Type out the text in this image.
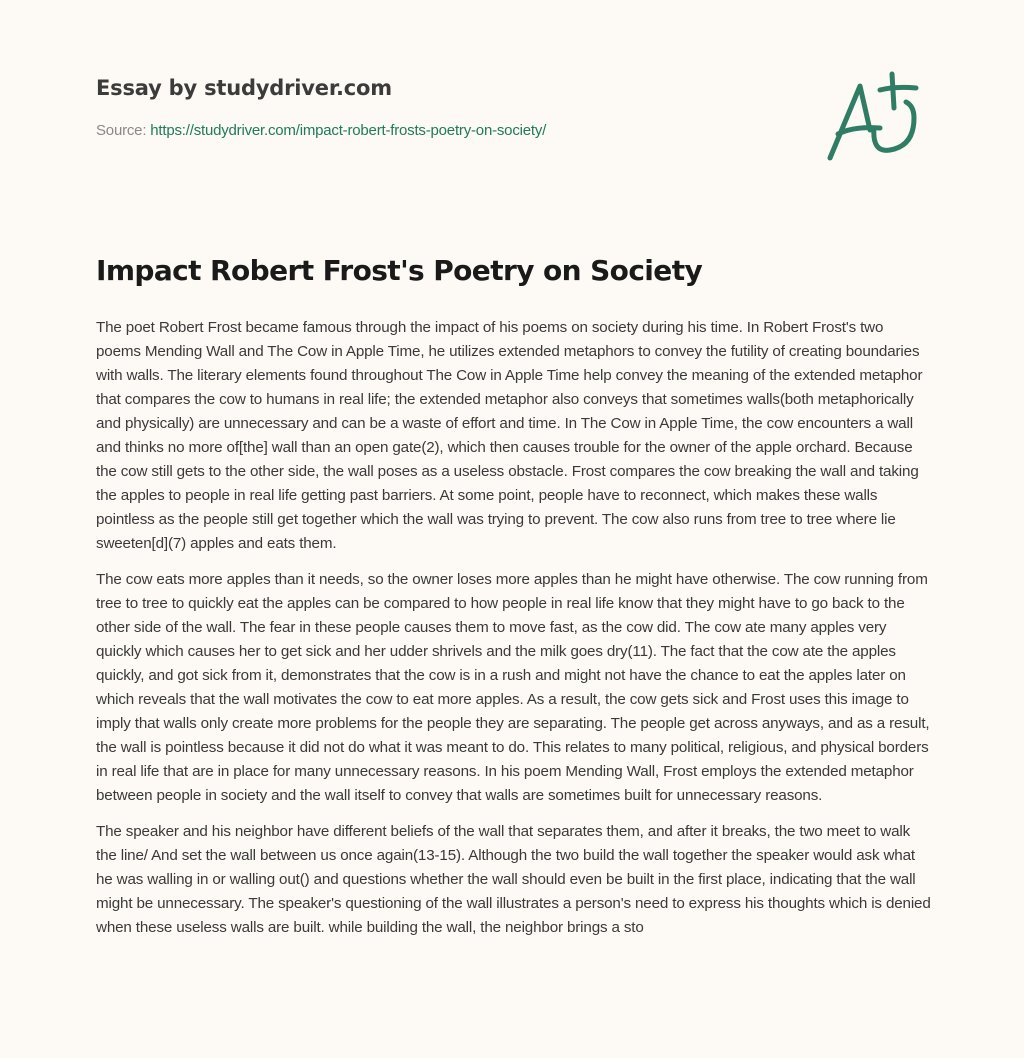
Essay by studydriver.com
Source: https://studydriver.com/impact-robert-frosts-poetry-on-society/
Impact Robert Frost's Poetry on Society

The poet Robert Frost became famous through the impact of his poems on society during his time. In Robert Frost's two poems Mending Wall and The Cow in Apple Time, he utilizes extended metaphors to convey the futility of creating boundaries with walls. The literary elements found throughout The Cow in Apple Time help convey the meaning of the extended metaphor that compares the cow to humans in real life; the extended metaphor also conveys that sometimes walls(both metaphorically and physically) are unnecessary and can be a waste of effort and time. In The Cow in Apple Time, the cow encounters a wall and thinks no more of[the] wall than an open gate(2), which then causes trouble for the owner of the apple orchard. Because the cow still gets to the other side, the wall poses as a useless obstacle. Frost compares the cow breaking the wall and taking the apples to people in real life getting past barriers. At some point, people have to reconnect, which makes these walls pointless as the people still get together which the wall was trying to prevent. The cow also runs from tree to tree where lie sweeten[d](7) apples and eats them.

The cow eats more apples than it needs, so the owner loses more apples than he might have otherwise. The cow running from tree to tree to quickly eat the apples can be compared to how people in real life know that they might have to go back to the other side of the wall. The fear in these people causes them to move fast, as the cow did. The cow ate many apples very quickly which causes her to get sick and her udder shrivels and the milk goes dry(11). The fact that the cow ate the apples quickly, and got sick from it, demonstrates that the cow is in a rush and might not have the chance to eat the apples later on which reveals that the wall motivates the cow to eat more apples. As a result, the cow gets sick and Frost uses this image to imply that walls only create more problems for the people they are separating. The people get across anyways, and as a result, the wall is pointless because it did not do what it was meant to do. This relates to many political, religious, and physical borders in real life that are in place for many unnecessary reasons. In his poem Mending Wall, Frost employs the extended metaphor between people in society and the wall itself to convey that walls are sometimes built for unnecessary reasons.

The speaker and his neighbor have different beliefs of the wall that separates them, and after it breaks, the two meet to walk the line/ And set the wall between us once again(13-15). Although the two build the wall together the speaker would ask what he was walling in or walling out() and questions whether the wall should even be built in the first place, indicating that the wall might be unnecessary. The speaker's questioning of the wall illustrates a person's need to express his thoughts which is denied when these useless walls are built. while building the wall, the neighbor brings a sto
